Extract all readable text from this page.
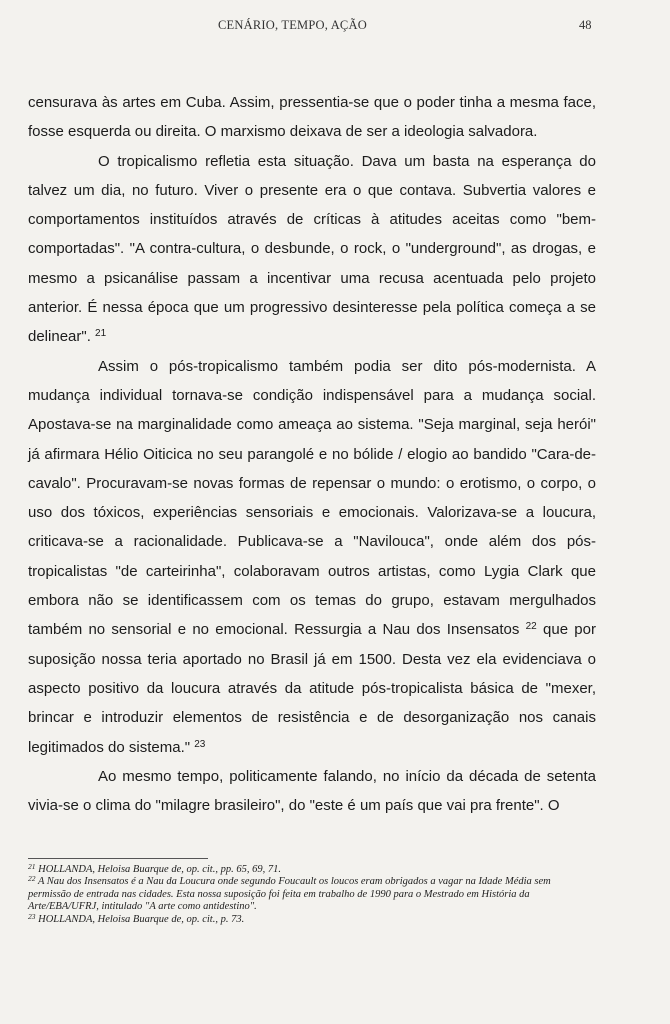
CENÁRIO, TEMPO, AÇÃO	48

censurava às artes em Cuba. Assim, pressentia-se que o poder tinha a mesma face, fosse esquerda ou direita. O marxismo deixava de ser a ideologia salvadora.

O tropicalismo refletia esta situação. Dava um basta na esperança do talvez um dia, no futuro. Viver o presente era o que contava. Subvertia valores e comportamentos instituídos através de críticas à atitudes aceitas como "bem-comportadas". "A contra-cultura, o desbunde, o rock, o "underground", as drogas, e mesmo a psicanálise passam a incentivar uma recusa acentuada pelo projeto anterior. É nessa época que um progressivo desinteresse pela política começa a se delinear". $^{21}$

Assim o pós-tropicalismo também podia ser dito pós-modernista. A mudança individual tornava-se condição indispensável para a mudança social. Apostava-se na marginalidade como ameaça ao sistema. "Seja marginal, seja herói" já afirmara Hélio Oiticica no seu parangolé e no bólide / elogio ao bandido "Cara-de-cavalo". Procuravam-se novas formas de repensar o mundo: o erotismo, o corpo, o uso dos tóxicos, experiências sensoriais e emocionais. Valorizava-se a loucura, criticava-se a racionalidade. Publicava-se a "Navilouca", onde além dos pós-tropicalistas "de carteirinha", colaboravam outros artistas, como Lygia Clark que embora não se identificassem com os temas do grupo, estavam mergulhados também no sensorial e no emocional. Ressurgia a Nau dos Insensatos $^{22}$ que por suposição nossa teria aportado no Brasil já em 1500. Desta vez ela evidenciava o aspecto positivo da loucura através da atitude pós-tropicalista básica de "mexer, brincar e introduzir elementos de resistência e de desorganização nos canais legitimados do sistema." $^{23}$

Ao mesmo tempo, politicamente falando, no início da década de setenta vivia-se o clima do "milagre brasileiro", do "este é um país que vai pra frente". O

$^{21}$ HOLLANDA, Heloisa Buarque de, op. cit., pp. 65, 69, 71.

$^{22}$ A Nau dos Insensatos é a Nau da Loucura onde segundo Foucault os loucos eram obrigados a vagar na Idade Média sem permissão de entrada nas cidades. Esta nossa suposição foi feita em trabalho de 1990 para o Mestrado em História da Arte/EBA/UFRJ, intitulado "A arte como antidestino".

$^{23}$ HOLLANDA, Heloisa Buarque de, op. cit., p. 73.
